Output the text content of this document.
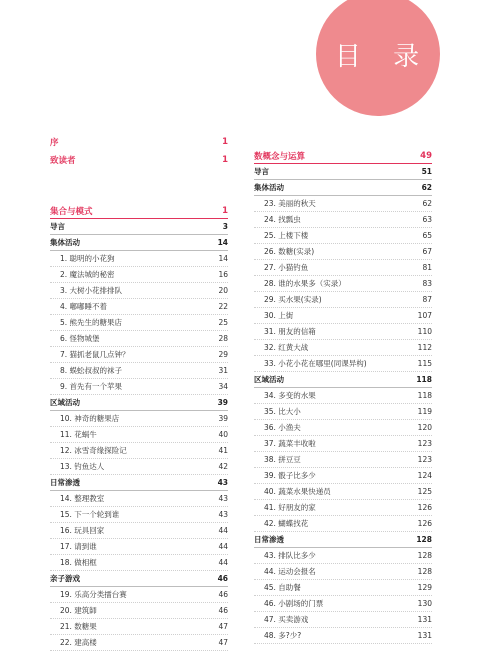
目 录
序	1
致读者	1
集合与模式	1
导言	3
集体活动	14
1. 聪明的小花狗	14
2. 魔法城的秘密	16
3. 大树小花排排队	20
4. 嘟嘟睡不着	22
5. 熊先生的糖果店	25
6. 怪物城堡	28
7. 猫抓老鼠几点钟？	29
8. 蜈蚣叔叔的袜子	31
9. 首先有一个苹果	34
区域活动	39
10. 神奇的糖果店	39
11. 花蜗牛	40
12. 冰雪奇缘探险记	41
13. 钓鱼达人	42
日常渗透	43
14. 整理教室	43
15. 下一个轮到谁	43
16. 玩具回家	44
17. 请到谁	44
18. 做相框	44
亲子游戏	46
19. 乐高分类擂台赛	46
20. 建筑師	46
21. 数糖果	47
22. 建高楼	47
数概念与运算	49
导言	51
集体活动	62
23. 美丽的秋天	62
24. 找瓢虫	63
25. 上楼下楼	65
26. 数糖(实录)	67
27. 小猫钓鱼	81
28. 谁的水果多（实录）	83
29. 买水果(实录)	87
30. 上街	107
31. 朋友的信箱	110
32. 红黄大战	112
33. 小花小花在哪里(同课异构)	115
区域活动	118
34. 多变的水果	118
35. 比大小	119
36. 小渔夫	120
37. 蔬菜丰收啦	123
38. 拼豆豆	123
39. 骰子比多少	124
40. 蔬菜水果快递员	125
41. 好朋友的家	126
42. 蝴蝶找花	126
日常渗透	128
43. 排队比多少	128
44. 运动会报名	128
45. 自助餐	129
46. 小剧场的门票	130
47. 买卖游戏	131
48. 多?少?	131
